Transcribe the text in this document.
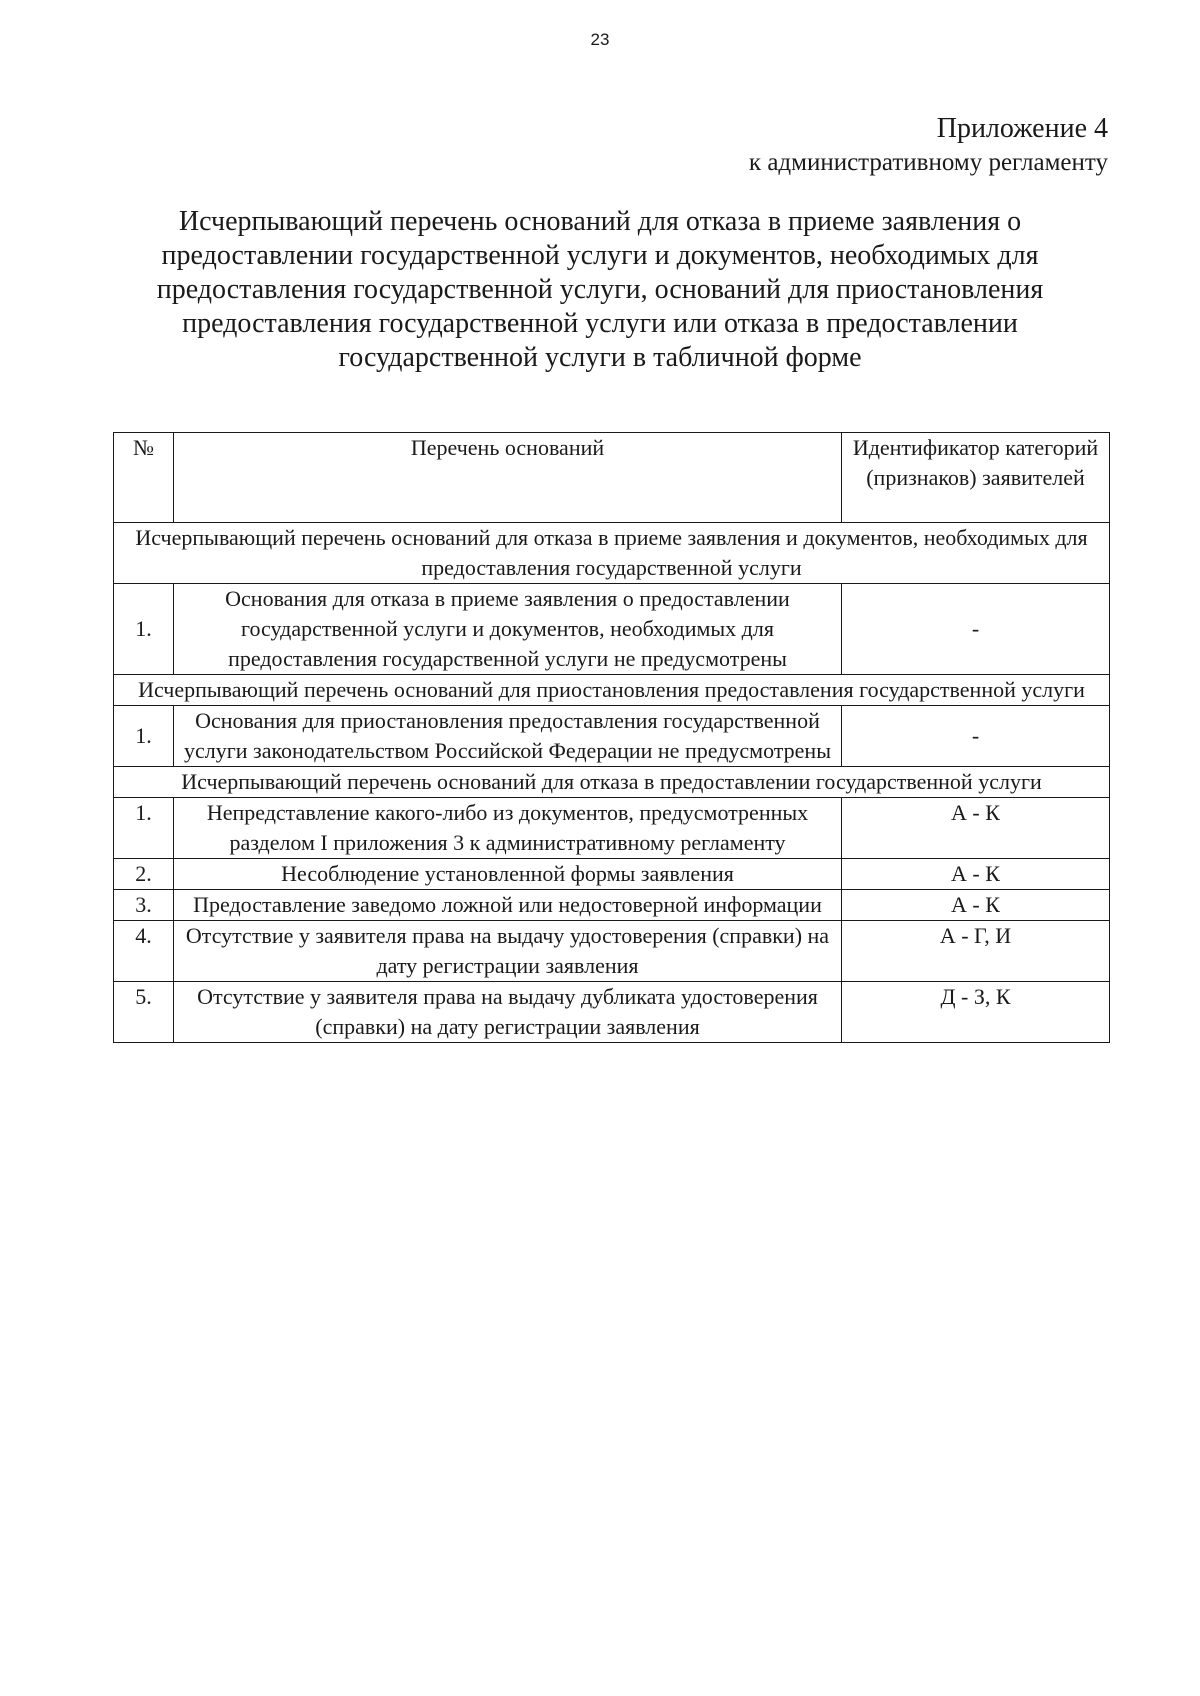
23
Приложение 4
к административному регламенту
Исчерпывающий перечень оснований для отказа в приеме заявления о
предоставлении государственной услуги и документов, необходимых для
предоставления государственной услуги, оснований для приостановления
предоставления государственной услуги или отказа в предоставлении
государственной услуги в табличной форме
№	Перечень оснований	Идентификатор категорий (признаков) заявителей
Исчерпывающий перечень оснований для отказа в приеме заявления и документов, необходимых для предоставления государственной услуги		
1.	Основания для отказа в приеме заявления о предоставлении государственной услуги и документов, необходимых для предоставления государственной услуги не предусмотрены	-
Исчерпывающий перечень оснований для приостановления предоставления государственной услуги		
1.	Основания для приостановления предоставления государственной услуги законодательством Российской Федерации не предусмотрены	-
Исчерпывающий перечень оснований для отказа в предоставлении государственной услуги		
1.	Непредставление какого-либо из документов, предусмотренных разделом I приложения 3 к административному регламенту	А - К
2.	Несоблюдение установленной формы заявления	А - К
3.	Предоставление заведомо ложной или недостоверной информации	А - К
4.	Отсутствие у заявителя права на выдачу удостоверения (справки) на дату регистрации заявления	А - Г, И
5.	Отсутствие у заявителя права на выдачу дубликата удостоверения (справки) на дату регистрации заявления	Д - З, К
